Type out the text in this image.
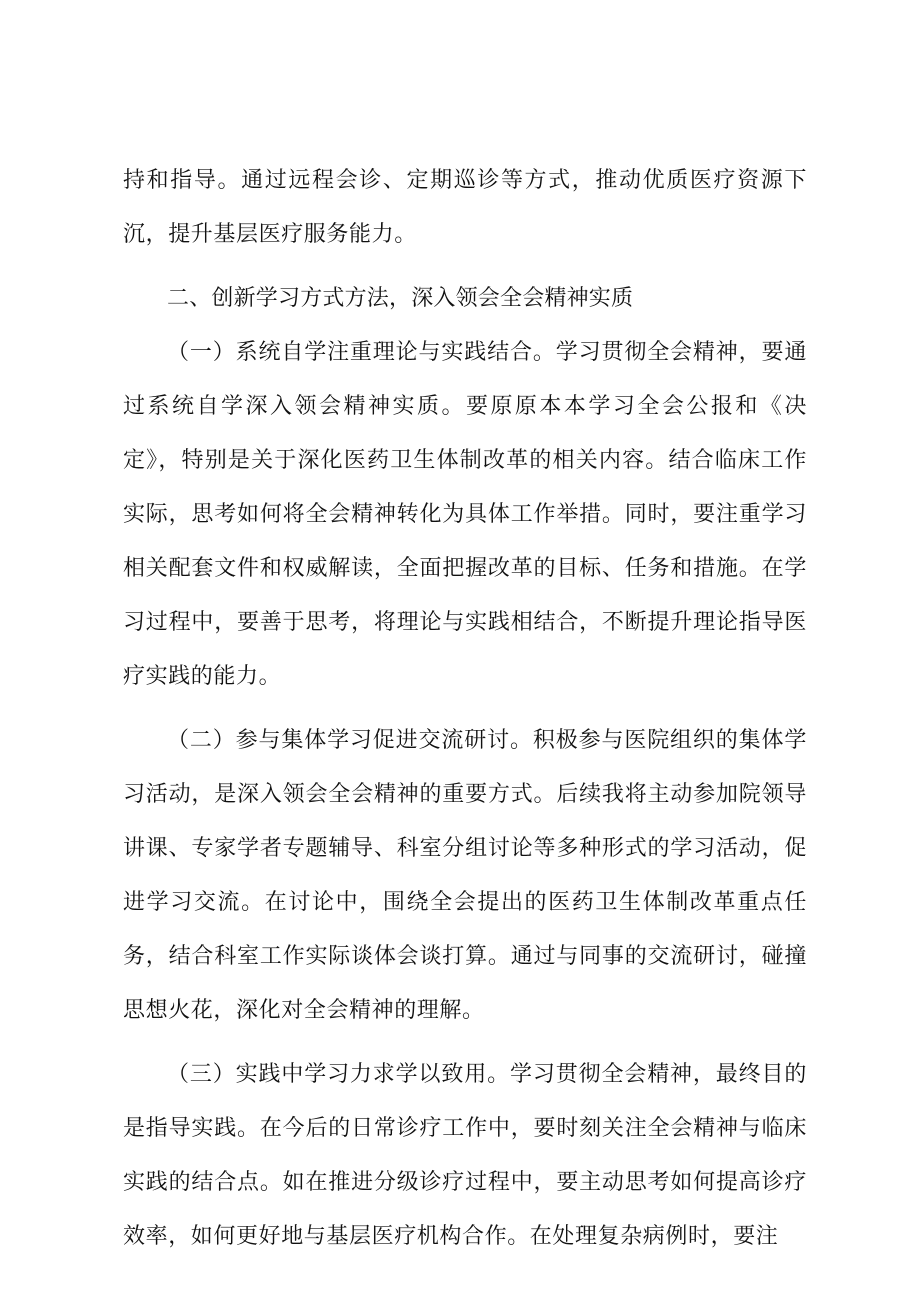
持和指导。通过远程会诊、定期巡诊等方式，推动优质医疗资源下沉，提升基层医疗服务能力。

二、创新学习方式方法，深入领会全会精神实质

（一）系统自学注重理论与实践结合。学习贯彻全会精神，要通过系统自学深入领会精神实质。要原原本本学习全会公报和《决定》，特别是关于深化医药卫生体制改革的相关内容。结合临床工作实际，思考如何将全会精神转化为具体工作举措。同时，要注重学习相关配套文件和权威解读，全面把握改革的目标、任务和措施。在学习过程中，要善于思考，将理论与实践相结合，不断提升理论指导医疗实践的能力。

（二）参与集体学习促进交流研讨。积极参与医院组织的集体学习活动，是深入领会全会精神的重要方式。后续我将主动参加院领导讲课、专家学者专题辅导、科室分组讨论等多种形式的学习活动，促进学习交流。在讨论中，围绕全会提出的医药卫生体制改革重点任务，结合科室工作实际谈体会谈打算。通过与同事的交流研讨，碰撞思想火花，深化对全会精神的理解。

（三）实践中学习力求学以致用。学习贯彻全会精神，最终目的是指导实践。在今后的日常诊疗工作中，要时刻关注全会精神与临床实践的结合点。如在推进分级诊疗过程中，要主动思考如何提高诊疗效率，如何更好地与基层医疗机构合作。在处理复杂病例时，要注
